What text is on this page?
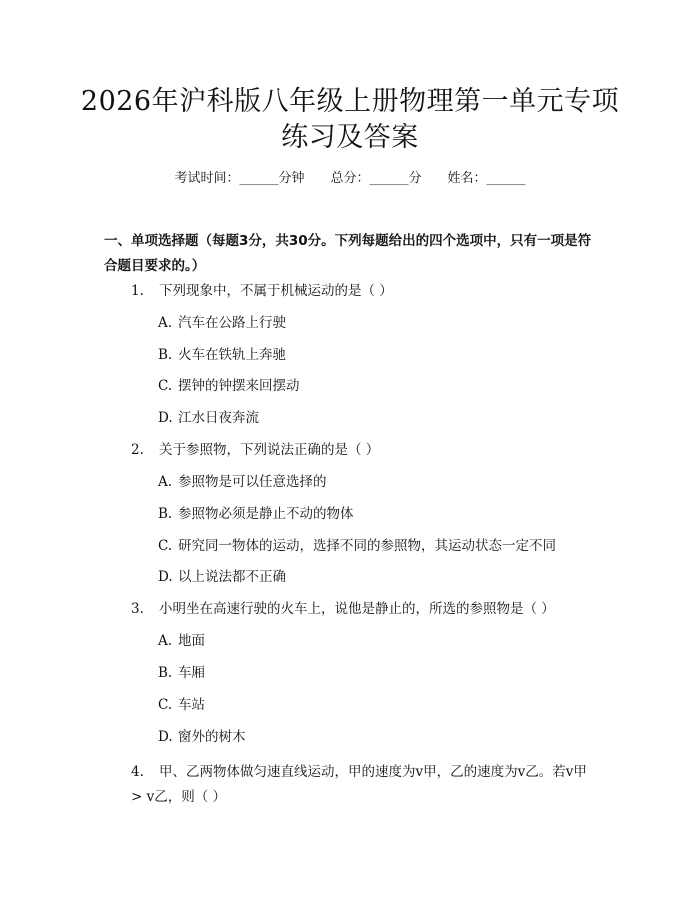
2026年沪科版八年级上册物理第一单元专项
练习及答案
考试时间：______分钟 总分：______分 姓名：______
一、单项选择题（每题3分，共30分。下列每题给出的四个选项中，只有一项是符合题目要求的。）
1. 下列现象中，不属于机械运动的是（ ）
A. 汽车在公路上行驶
B. 火车在铁轨上奔驰
C. 摆钟的钟摆来回摆动
D. 江水日夜奔流
2. 关于参照物，下列说法正确的是（ ）
A. 参照物是可以任意选择的
B. 参照物必须是静止不动的物体
C. 研究同一物体的运动，选择不同的参照物，其运动状态一定不同
D. 以上说法都不正确
3. 小明坐在高速行驶的火车上，说他是静止的，所选的参照物是（ ）
A. 地面
B. 车厢
C. 车站
D. 窗外的树木
4. 甲、乙两物体做匀速直线运动，甲的速度为v甲，乙的速度为v乙。若v甲 > v乙，则（ ）
